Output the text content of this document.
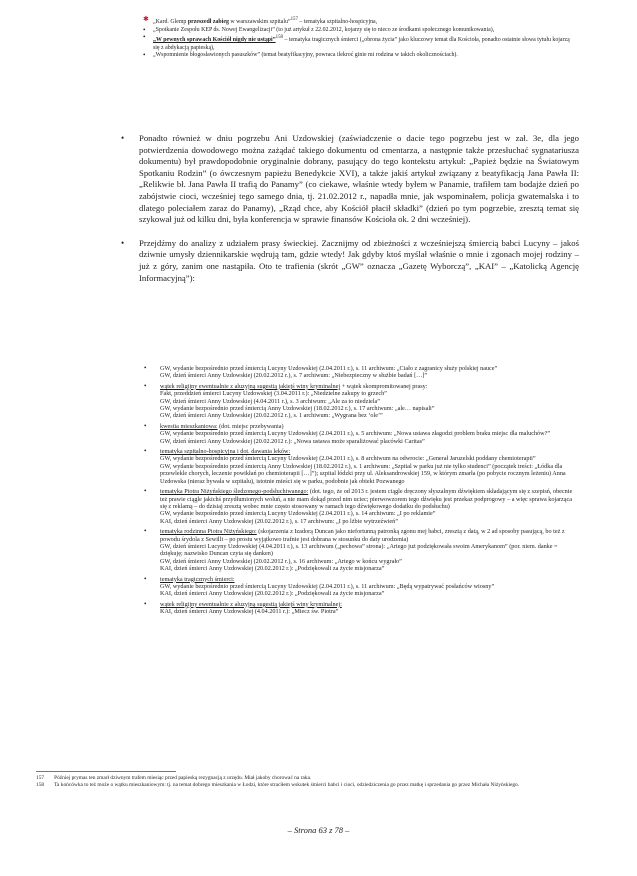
✱ „Kard. Glemp przeszedł zabieg w warszawskim szpitalu”$^{157}$ – tematyka szpitalno-hospicyjna,
• „Spotkanie Zespołu KEP ds. Nowej Ewangelizacji” (to już artykuł z 22.02.2012, kojarzy się to nieco ze środkami społecznego komunikowania),
• „W pewnych sprawach Kościół nigdy nie ustąpi”$^{158}$ – tematyka tragicznych śmierci („obrona życia” jako kluczowy temat dla Kościoła, ponadto ostatnie słowa tytułu kojarzą się z abdykacją papieską),
• „Wspomnienie błogosławionych pasuszków” (temat beatyfikacyjny, powraca ilekroć ginie mi rodzina w takich okolicznościach).

• Ponadto również w dniu pogrzebu Ani Uzdowskiej (zaświadczenie o dacie tego pogrzebu jest w zał. 3e, dla jego potwierdzenia dowodowego można zażądać takiego dokumentu od cmentarza, a następnie także przesłuchać sygnatariusza dokumentu) był prawdopodobnie oryginalnie dobrany, pasujący do tego kontekstu artykuł: „Papież będzie na Światowym Spotkaniu Rodzin” (o ówczesnym papieżu Benedykcie XVI), a także jakiś artykuł związany z beatyfikacją Jana Pawła II: „Relikwie bł. Jana Pawła II trafią do Panamy” (co ciekawe, właśnie wtedy byłem w Panamie, trafiłem tam bodajże dzień po zabójstwie cioci, wcześniej tego samego dnia, tj. 21.02.2012 r., napadła mnie, jak wspominałem, policja gwatemalska i to dlatego poleciałem zaraz do Panamy), „Rząd chce, aby Kościół płacił składki” (dzień po tym pogrzebie, zresztą temat się szykował już od kilku dni, była konferencja w sprawie finansów Kościoła ok. 2 dni wcześniej).

• Przejdźmy do analizy z udziałem prasy świeckiej. Zacznijmy od zbieżności z wcześniejszą śmiercią babci Lucyny – jakoś dziwnie umysły dziennikarskie wędrują tam, gdzie wtedy! Jak gdyby ktoś myślał właśnie o mnie i zgonach mojej rodziny – już z góry, zanim one nastąpiła. Oto te trafienia (skrót „GW” oznacza „Gazetę Wyborczą”, „KAI” – „Katolicką Agencję Informacyjną”):

• GW, wydanie bezpośrednio przed śmiercią Lucyny Uzdowskiej (2.04.2011 r.), s. 11 archiwum: „Ciało z zagranicy służy polskiej nauce”
GW, dzień śmierci Anny Uzdowskiej (20.02.2012 r.), s. 7 archiwum: „Niebezpieczny w służbie badań […]”
• wątek religijny ewentualnie z aluzyjną sugestią jakiejś winy kryminalnej + wątek skompromitowanej prasy:
Fakt, przeddzień śmierci Lucyny Uzdowskiej (3.04.2011 r.): „Niedzielne zakupy to grzech”
GW, dzień śmierci Anny Uzdowskiej (4.04.2011 r.), s. 3 archiwum: „Ale za to niedziela”
GW, wydanie bezpośrednio przed śmiercią Anny Uzdowskiej (18.02.2012 r.), s. 17 archiwum: „ale… napisali”
GW, dzień śmierci Anny Uzdowskiej (20.02.2012 r.), s. 1 archiwum: „Wygrana bez ‘ole’”
• kwestia mieszkaniowa: (dot. miejsc przebywania)
GW, wydanie bezpośrednio przed śmiercią Lucyny Uzdowskiej (2.04.2011 r.), s. 5 archiwum: „Nowa ustawa złagodzi problem braku miejsc dla maluchów?”
GW, dzień śmierci Anny Uzdowskiej (20.02.2012 r.): „Nowa ustawa może sparaliżować placówki Caritas”
• tematyka szpitalno-hospicyjna i dot. dawania leków:
GW, wydanie bezpośrednio przed śmiercią Lucyny Uzdowskiej (2.04.2011 r.), s. 8 archiwum na odwrocie: „Generał Jaruzelski poddany chemioterapii”
GW, wydanie bezpośrednio przed śmiercią Anny Uzdowskiej (18.02.2012 r.), s. 1 archiwum: „Szpital w parku już nie tylko studenci” (początek treści: „Łódka dla przewlekle chorych, leczenie powikłań po chemioterapii […]”); szpital łódzki przy ul. Aleksandrowskiej 159, w którym zmarła (po pobycie rocznym leżeniu) Anna Uzdowska (nieraz bywała w szpitalu), istotnie mieści się w parku, podobnie jak obiekt Pozwanego
• tematyka Piotra Niżyńskiego śledzonego-podsłuchiwanego: (dot. tego, że od 2013 r. jestem ciągle dręczony słyszalnym dźwiękiem składającym się z szepisń, obecnie też prawie ciągle jakichś przydłumionych woluń, a nie mam dokąd przed nim uciec; pierwowzorem tego dźwięku jest przekaz podprogowy – a więc sprawa kojarząca się z reklamą – do dzisiaj zresztą wobec mnie często stosowany w ramach tego dźwiękowego dodatku do podsłuchu)
GW, wydanie bezpośrednio przed śmiercią Lucyny Uzdowskiej (2.04.2011 r.), s. 14 archiwum: „I po reklamie”
KAI, dzień śmierci Anny Uzdowskiej (20.02.2012 r.), s. 17 archiwum: „I po lżbie wytrzeźwień”
• tematyka rodzinna Piotra Niżyńskiego: (skojarzenia z Izadorą Duncan jako niefortunną patronką zgonu mej babci, zresztą z datą, w 2 ad sposoby pasującą, bo też z powodu śrydola z Sewilli – po prostu wyjątkowo trafnie jest dobrana w stosunku do daty urodzenia)
GW, dzień śmierci Lucyny Uzdowskiej (4.04.2011 r.), s. 13 archiwum („pechowa” strona): „Artego już podziękowała swoim Amerykanom” (por. niem. danke = dziękuję; nazwisko Duncan czyta się danken)
GW, dzień śmierci Anny Uzdowskiej (20.02.2012 r.), s. 16 archiwum: „Artego w końcu wygrało”
KAI, dzień śmierci Anny Uzdowskiej (20.02.2012 r.): „Podziękowali za życie misjonarza”
• tematyka tragicznych śmierci:
GW, wydanie bezpośrednio przed śmiercią Lucyny Uzdowskiej (2.04.2011 r.), s. 11 archiwum: „Będą wypatrywać posłańców wiosny”
KAI, dzień śmierci Anny Uzdowskiej (20.02.2012 r.): „Podziękowali za życie misjonarza”
• wątek religijny ewentualnie z aluzyjną sugestią jakiejś winy kryminalnej:
KAI, dzień śmierci Anny Uzdowskiej (4.04.2011 r.): „Miecz św. Piotra”
157 Później prymas ten zmarł dziwnym trafem miesiąc przed papieską rezygnacją z urzędu. Miał jakoby chorować na raka.
158 Ta końcówka to też może o wątku mieszkaniowym: tj. na temat dobrego mieszkania w Łodzi, które straciłem wskutek śmierci babci i cioci, odziedziczenia go przez matkę i sprzedania go przez Michała Niżyńskiego.
– Strona 63 z 78 –
